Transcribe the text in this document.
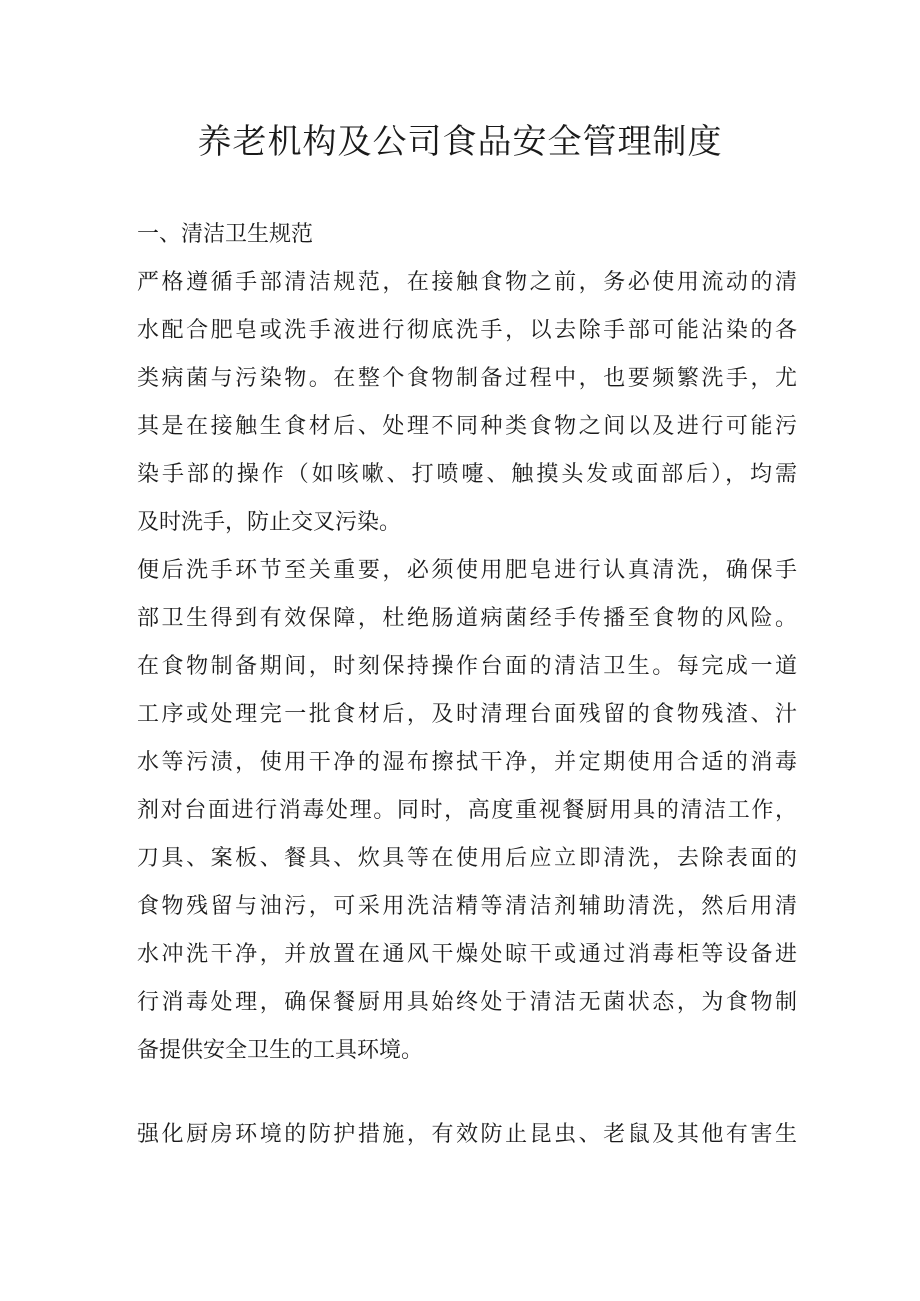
养老机构及公司食品安全管理制度
一、清洁卫生规范

严格遵循手部清洁规范，在接触食物之前，务必使用流动的清
水配合肥皂或洗手液进行彻底洗手，以去除手部可能沾染的各
类病菌与污染物。在整个食物制备过程中，也要频繁洗手，尤
其是在接触生食材后、处理不同种类食物之间以及进行可能污
染手部的操作（如咳嗽、打喷嚏、触摸头发或面部后），均需
及时洗手，防止交叉污染。

便后洗手环节至关重要，必须使用肥皂进行认真清洗，确保手
部卫生得到有效保障，杜绝肠道病菌经手传播至食物的风险。

在食物制备期间，时刻保持操作台面的清洁卫生。每完成一道
工序或处理完一批食材后，及时清理台面残留的食物残渣、汁
水等污渍，使用干净的湿布擦拭干净，并定期使用合适的消毒
剂对台面进行消毒处理。同时，高度重视餐厨用具的清洁工作，
刀具、案板、餐具、炊具等在使用后应立即清洗，去除表面的
食物残留与油污，可采用洗洁精等清洁剂辅助清洗，然后用清
水冲洗干净，并放置在通风干燥处晾干或通过消毒柜等设备进
行消毒处理，确保餐厨用具始终处于清洁无菌状态，为食物制
备提供安全卫生的工具环境。

强化厨房环境的防护措施，有效防止昆虫、老鼠及其他有害生
